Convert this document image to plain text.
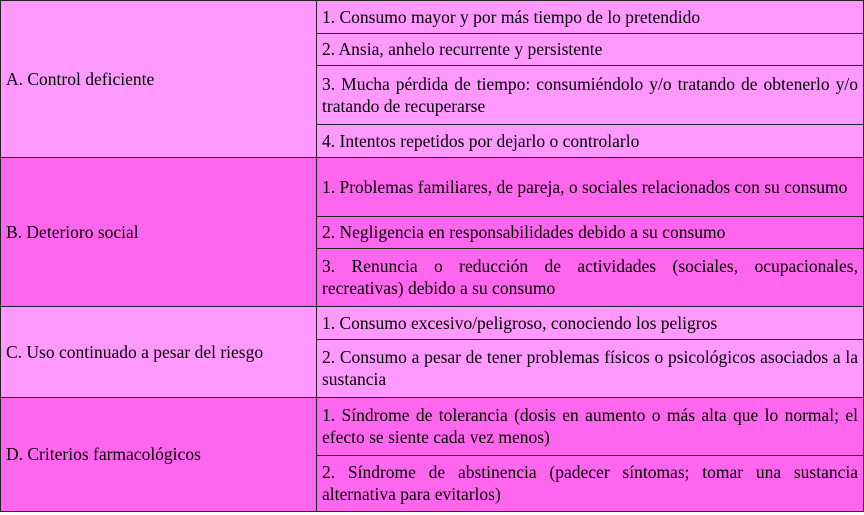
A. Control deficiente	1. Consumo mayor y por más tiempo de lo pretendido
	2. Ansia, anhelo recurrente y persistente
	3. Mucha pérdida de tiempo: consumiéndolo y/o tratando de obtenerlo y/o tratando de recuperarse
	4. Intentos repetidos por dejarlo o controlarlo
B. Deterioro social	1. Problemas familiares, de pareja, o sociales relacionados con su consumo
	2. Negligencia en responsabilidades debido a su consumo
	3. Renuncia o reducción de actividades (sociales, ocupacionales, recreativas) debido a su consumo
C. Uso continuado a pesar del riesgo	1. Consumo excesivo/peligroso, conociendo los peligros
	2. Consumo a pesar de tener problemas físicos o psicológicos asociados a la sustancia
D. Criterios farmacológicos	1. Síndrome de tolerancia (dosis en aumento o más alta que lo normal; el efecto se siente cada vez menos)
	2. Síndrome de abstinencia (padecer síntomas; tomar una sustancia alternativa para evitarlos)
